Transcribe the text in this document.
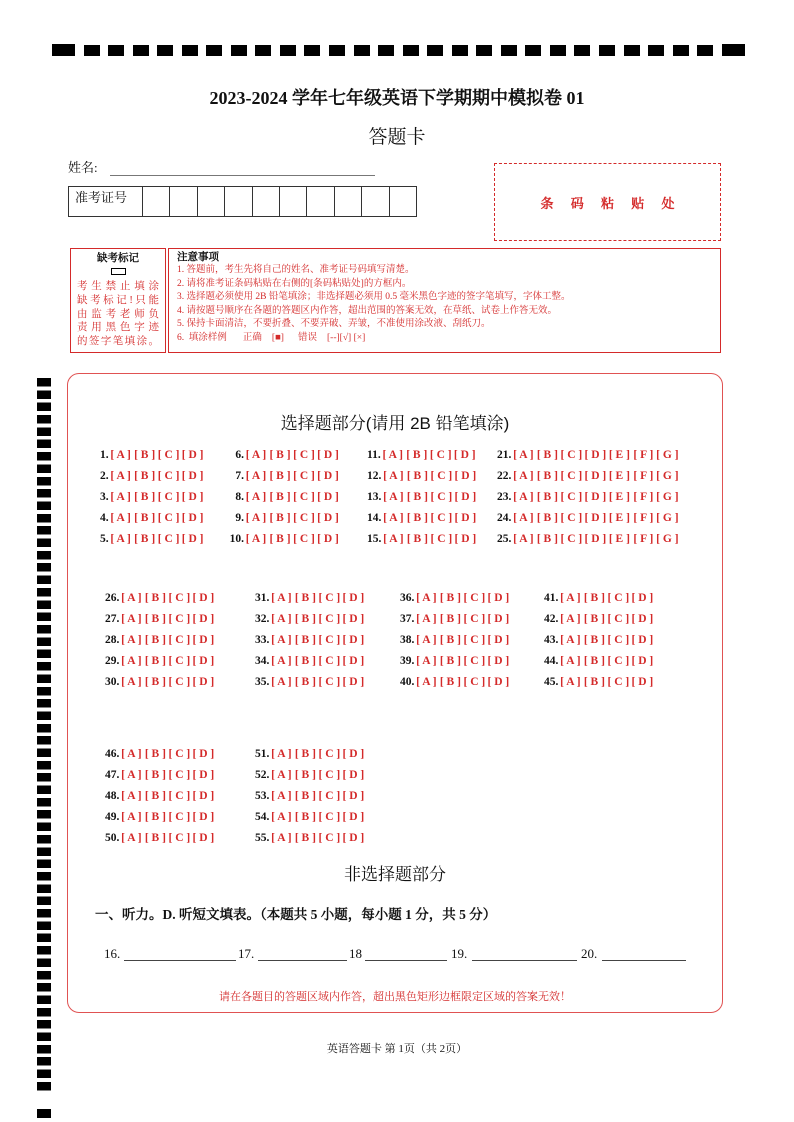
2023-2024 学年七年级英语下学期期中模拟卷 01
答题卡
姓名:
准考证号	条 码 粘 贴 处
缺考标记
考生禁止填涂
缺考标记!只能
由监考老师负
责用黑色字迹
的签字笔填涂。
注意事项
1. 答题前，考生先将自己的姓名、准考证号码填写清楚。
2. 请将准考证条码粘贴在右侧的[条码粘贴处]的方框内。
3. 选择题必须使用 2B 铅笔填涂；非选择题必须用 0.5 毫米黑色字迹的签字笔填写，字体工整。
4. 请按题号顺序在各题的答题区内作答，超出范围的答案无效，在草纸、试卷上作答无效。
5. 保持卡面清洁，不要折叠、不要弄破、弄皱，不准使用涂改液、刮纸刀。
6.  填涂样例 正确 [■] 错误 [--][√] [×]
选择题部分(请用 2B 铅笔填涂)
1. [ A ] [ B ] [ C ] [ D ]
2. [ A ] [ B ] [ C ] [ D ]
3. [ A ] [ B ] [ C ] [ D ]
4. [ A ] [ B ] [ C ] [ D ]
5. [ A ] [ B ] [ C ] [ D ]
6. [ A ] [ B ] [ C ] [ D ]
7. [ A ] [ B ] [ C ] [ D ]
8. [ A ] [ B ] [ C ] [ D ]
9. [ A ] [ B ] [ C ] [ D ]
10. [ A ] [ B ] [ C ] [ D ]
11. [ A ] [ B ] [ C ] [ D ]
12. [ A ] [ B ] [ C ] [ D ]
13. [ A ] [ B ] [ C ] [ D ]
14. [ A ] [ B ] [ C ] [ D ]
15. [ A ] [ B ] [ C ] [ D ]
21. [ A ] [ B ] [ C ] [ D ] [ E ] [ F ] [ G ]
22. [ A ] [ B ] [ C ] [ D ] [ E ] [ F ] [ G ]
23. [ A ] [ B ] [ C ] [ D ] [ E ] [ F ] [ G ]
24. [ A ] [ B ] [ C ] [ D ] [ E ] [ F ] [ G ]
25. [ A ] [ B ] [ C ] [ D ] [ E ] [ F ] [ G ]
26. [ A ] [ B ] [ C ] [ D ]
27. [ A ] [ B ] [ C ] [ D ]
28. [ A ] [ B ] [ C ] [ D ]
29. [ A ] [ B ] [ C ] [ D ]
30. [ A ] [ B ] [ C ] [ D ]
31. [ A ] [ B ] [ C ] [ D ]
32. [ A ] [ B ] [ C ] [ D ]
33. [ A ] [ B ] [ C ] [ D ]
34. [ A ] [ B ] [ C ] [ D ]
35. [ A ] [ B ] [ C ] [ D ]
36. [ A ] [ B ] [ C ] [ D ]
37. [ A ] [ B ] [ C ] [ D ]
38. [ A ] [ B ] [ C ] [ D ]
39. [ A ] [ B ] [ C ] [ D ]
40. [ A ] [ B ] [ C ] [ D ]
41. [ A ] [ B ] [ C ] [ D ]
42. [ A ] [ B ] [ C ] [ D ]
43. [ A ] [ B ] [ C ] [ D ]
44. [ A ] [ B ] [ C ] [ D ]
45. [ A ] [ B ] [ C ] [ D ]
46. [ A ] [ B ] [ C ] [ D ]
47. [ A ] [ B ] [ C ] [ D ]
48. [ A ] [ B ] [ C ] [ D ]
49. [ A ] [ B ] [ C ] [ D ]
50. [ A ] [ B ] [ C ] [ D ]
51. [ A ] [ B ] [ C ] [ D ]
52. [ A ] [ B ] [ C ] [ D ]
53. [ A ] [ B ] [ C ] [ D ]
54. [ A ] [ B ] [ C ] [ D ]
55. [ A ] [ B ] [ C ] [ D ]
非选择题部分
一、听力。D. 听短文填表。（本题共 5 小题，每小题 1 分，共 5 分）
16.	17.	18	19.	20.
请在各题目的答题区域内作答，超出黑色矩形边框限定区域的答案无效！
英语答题卡 第 1页（共 2页）
